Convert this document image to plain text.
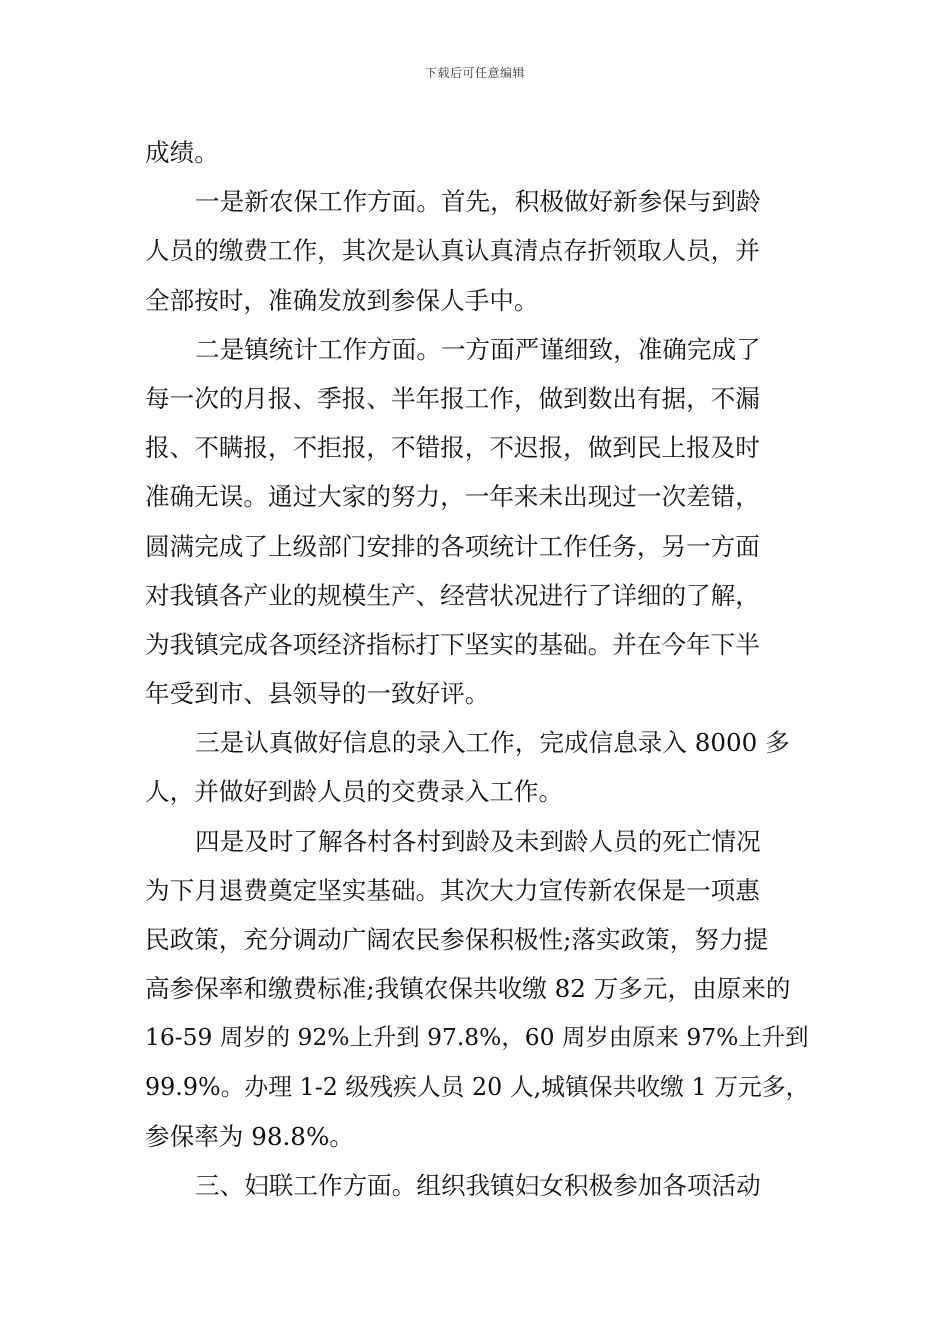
下载后可任意编辑
成绩。
一是新农保工作方面。首先，积极做好新参保与到龄
人员的缴费工作，其次是认真认真清点存折领取人员，并
全部按时，准确发放到参保人手中。
二是镇统计工作方面。一方面严谨细致，准确完成了
每一次的月报、季报、半年报工作，做到数出有据，不漏
报、不瞒报，不拒报，不错报，不迟报，做到民上报及时
准确无误。通过大家的努力，一年来未出现过一次差错，
圆满完成了上级部门安排的各项统计工作任务，另一方面
对我镇各产业的规模生产、经营状况进行了详细的了解，
为我镇完成各项经济指标打下坚实的基础。并在今年下半
年受到市、县领导的一致好评。
三是认真做好信息的录入工作，完成信息录入 8000 多
人，并做好到龄人员的交费录入工作。
四是及时了解各村各村到龄及未到龄人员的死亡情况
为下月退费奠定坚实基础。其次大力宣传新农保是一项惠
民政策，充分调动广阔农民参保积极性;落实政策，努力提
高参保率和缴费标准;我镇农保共收缴 82 万多元，由原来的
16-59 周岁的 92%上升到 97.8%，60 周岁由原来 97%上升到
99.9%。办理 1-2 级残疾人员 20 人,城镇保共收缴 1 万元多，
参保率为 98.8%。
三、妇联工作方面。组织我镇妇女积极参加各项活动
